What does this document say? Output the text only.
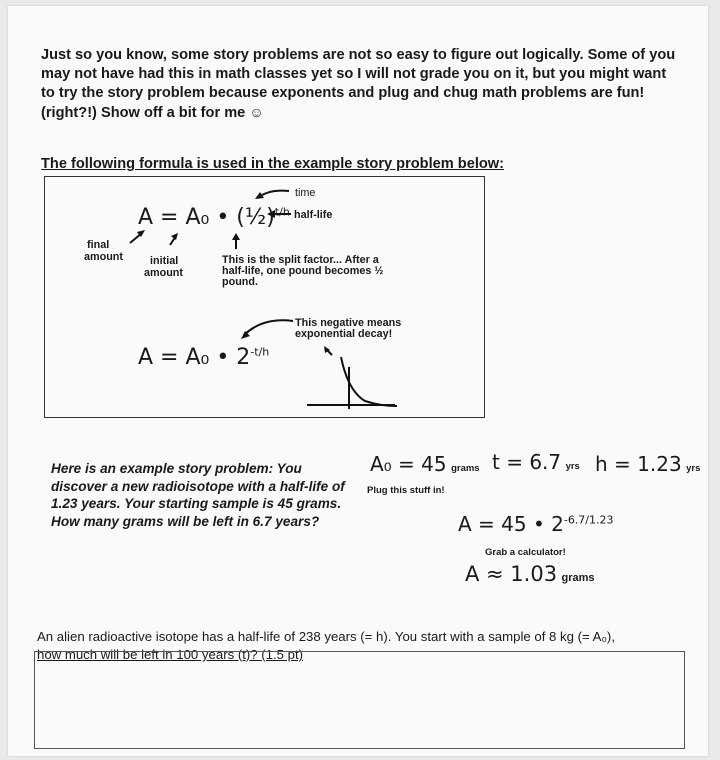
Just so you know, some story problems are not so easy to figure out logically. Some of you may not have had this in math classes yet so I will not grade you on it, but you might want to try the story problem because exponents and plug and chug math problems are fun! (right?!) Show off a bit for me ☺
The following formula is used in the example story problem below:
time
A = A₀ • (½)$^{t/h}$ half-life
final
amount	initial
amount
This is the split factor... After a half-life, one pound becomes ½ pound.
This negative means exponential decay!
A = A₀ • $2^{-t/h}$
Here is an example story problem: You discover a new radioisotope with a half-life of 1.23 years. Your starting sample is 45 grams. How many grams will be left in 6.7 years?
A₀ = 45 grams t = 6.7 yrs h = 1.23 yrs
Plug this stuff in!
A = 45 • $2^{-6.7/1.23}$
Grab a calculator!
A ≈ 1.03 grams
An alien radioactive isotope has a half-life of 238 years (= h). You start with a sample of 8 kg (= A₀),
how much will be left in 100 years (t)? (1.5 pt)
